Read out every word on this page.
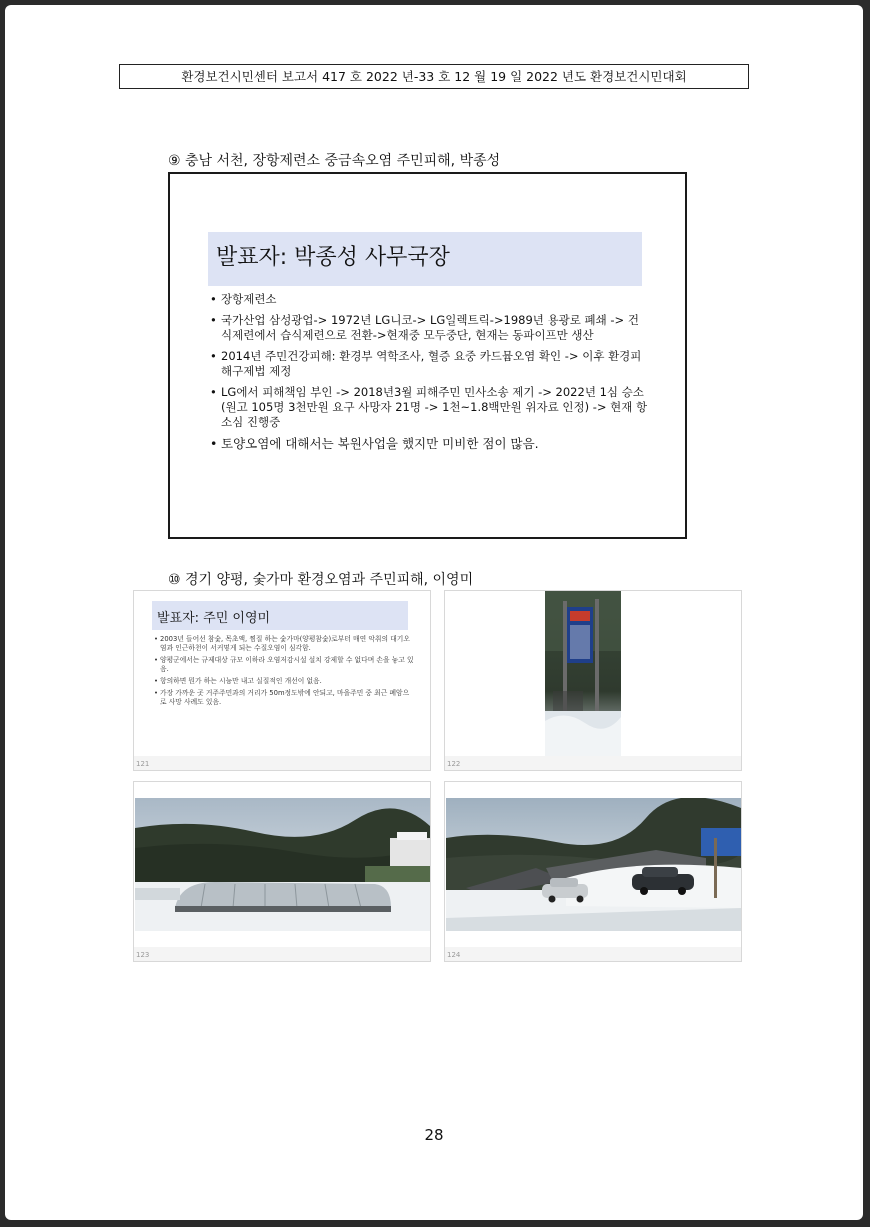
환경보건시민센터 보고서 417 호 2022 년-33 호 12 월 19 일 2022 년도 환경보건시민대회
⑨ 충남 서천, 장항제련소 중금속오염 주민피해, 박종성
발표자: 박종성 사무국장
• 장항제련소
• 국가산업 삼성광업-> 1972년 LG니코-> LG일렉트릭->1989년 용광로 폐쇄 -> 건식제련에서 습식제련으로 전환->현재중 모두중단, 현재는 동파이프만 생산
• 2014년 주민건강피해: 환경부 역학조사, 혈증 요중 카드뮴오염 확인 -> 이후 환경피해구제법 제정
• LG에서 피해책임 부인 -> 2018년3월 피해주민 민사소송 제기 -> 2022년 1심 승소(원고 105명 3천만원 요구 사망자 21명 -> 1천~1.8백만원 위자료 인정) -> 현재 항소심 진행중
• 토양오염에 대해서는 복원사업을 했지만 미비한 점이 많음.
⑩ 경기 양평, 숯가마 환경오염과 주민피해, 이영미
발표자: 주민 이영미
• 2003년 들어선 참숯, 목초액, 찜질 하는 숯가마(양평참숯)로부터 매연 악취의 대기오염과 인근하천이 서커멓게 되는 수질오염이 심각함.
• 양평군에서는 규제대상 규모 이하라 오염저감시설 설치 강제할 수 없다며 손을 놓고 있음.
• 항의하면 뭔가 하는 시늉만 내고 실질적인 개선이 없음.
• 가장 가까운 곳 거주주민과의 거리가 50m정도밖에 안되고, 마을주민 중 최근 폐암으로 사망 사례도 있음.
121	122
123	124
28
